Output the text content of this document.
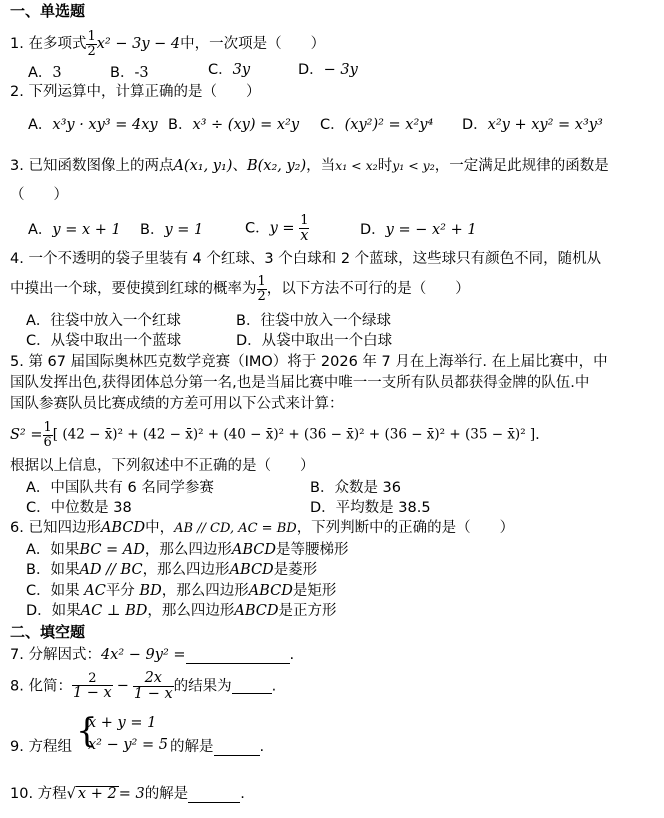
一、单选题
1. 在多项式 $\frac{1}{2} x^2 - 3y - 4$中，一次项是（　　）
A．3	B．-3	C．3y	D．− 3y
2. 下列运算中，计算正确的是（　　）
A．x³y · xy³ = 4xy B．x³ ÷ (xy) = x²y C．(xy²)² = x²y⁴ D．x²y + xy² = x³y³
3. 已知函数图像上的两点A(x₁, y₁)、B(x₂, y₂)，当x₁ < x₂时y₁ < y₂，一定满足此规律的函数是
（　　）
A．y = x + 1 B．y = 1	C．$y = \frac{1}{x}$	D．y = − x² + 1
4. 一个不透明的袋子里装有 4 个红球、3 个白球和 2 个蓝球，这些球只有颜色不同，随机从
中摸出一个球，要使摸到红球的概率为 $\frac{1}{2}$ ，以下方法不可行的是（　　）
A．往袋中放入一个红球	B．往袋中放入一个绿球
C．从袋中取出一个蓝球	D．从袋中取出一个白球
5. 第 67 届国际奥林匹克数学竞赛（IMO）将于 2026 年 7 月在上海举行. 在上届比赛中，中
国队发挥出色,获得团体总分第一名,也是当届比赛中唯一一支所有队员都获得金牌的队伍.中
国队参赛队员比赛成绩的方差可用以下公式来计算：
$S^2 = \frac{1}{6}$ [ (42 − x̄)² + (42 − x̄)² + (40 − x̄)² + (36 − x̄)² + (36 − x̄)² + (35 − x̄)² ].
根据以上信息，下列叙述中不正确的是（　　）
A．中国队共有 6 名同学参赛	B．众数是 36
C．中位数是 38	D．平均数是 38.5
6. 已知四边形ABCD中，AB // CD, AC = BD，下列判断中的正确的是（　　）
A．如果BC = AD，那么四边形ABCD是等腰梯形
B．如果AD // BC，那么四边形ABCD是菱形
C．如果 AC平分 BD，那么四边形ABCD是矩形
D．如果AC ⊥ BD，那么四边形ABCD是正方形
二、填空题
7. 分解因式：4x² − 9y² =	.
8. 化简： $\frac{2}{1 - x} - \frac{2x}{1 - x}$ 的结果为	.
9. 方程组 {
x + y = 1
x² − y² = 5 的解是	.
10. 方程√ x + 2 = 3的解是	.
